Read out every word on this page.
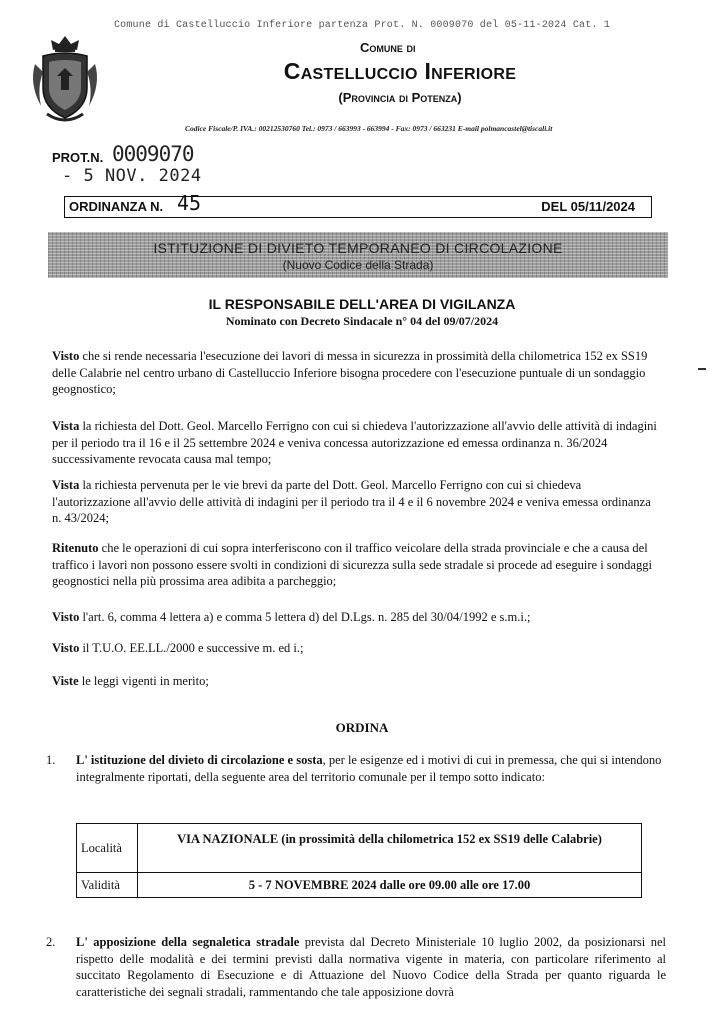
Comune di Castelluccio Inferiore partenza Prot. N. 0009070 del 05-11-2024 Cat. 1
Comune di
Castelluccio Inferiore
(Provincia di Potenza)
Codice Fiscale/P. IVA.: 00212530760 Tel.: 0973 / 663993 - 663994 - Fax: 0973 / 663231 E-mail polmancastel@tiscali.it
PROT.N. 0009070
- 5 NOV. 2024
ORDINANZA N. 45	DEL 05/11/2024
ISTITUZIONE DI DIVIETO TEMPORANEO DI CIRCOLAZIONE
(Nuovo Codice della Strada)
IL RESPONSABILE DELL'AREA DI VIGILANZA
Nominato con Decreto Sindacale n° 04 del 09/07/2024
Visto che si rende necessaria l'esecuzione dei lavori di messa in sicurezza in prossimità della chilometrica 152 ex SS19 delle Calabrie nel centro urbano di Castelluccio Inferiore bisogna procedere con l'esecuzione puntuale di un sondaggio geognostico;
Vista la richiesta del Dott. Geol. Marcello Ferrigno con cui si chiedeva l'autorizzazione all'avvio delle attività di indagini per il periodo tra il 16 e il 25 settembre 2024 e veniva concessa autorizzazione ed emessa ordinanza n. 36/2024 successivamente revocata causa mal tempo;
Vista la richiesta pervenuta per le vie brevi da parte del Dott. Geol. Marcello Ferrigno con cui si chiedeva l'autorizzazione all'avvio delle attività di indagini per il periodo tra il 4 e il 6 novembre 2024 e veniva emessa ordinanza n. 43/2024;
Ritenuto che le operazioni di cui sopra interferiscono con il traffico veicolare della strada provinciale e che a causa del traffico i lavori non possono essere svolti in condizioni di sicurezza sulla sede stradale si procede ad eseguire i sondaggi geognostici nella più prossima area adibita a parcheggio;
Visto l'art. 6, comma 4 lettera a) e comma 5 lettera d) del D.Lgs. n. 285 del 30/04/1992 e s.m.i.;
Visto il T.U.O. EE.LL./2000 e successive m. ed i.;
Viste le leggi vigenti in merito;
ORDINA
1.	L' istituzione del divieto di circolazione e sosta, per le esigenze ed i motivi di cui in premessa, che qui si intendono integralmente riportati, della seguente area del territorio comunale per il tempo sotto indicato:
Località	VIA NAZIONALE (in prossimità della chilometrica 152 ex SS19 delle Calabrie)
Validità	5 - 7 NOVEMBRE 2024 dalle ore 09.00 alle ore 17.00
2.	L' apposizione della segnaletica stradale prevista dal Decreto Ministeriale 10 luglio 2002, da posizionarsi nel rispetto delle modalità e dei termini previsti dalla normativa vigente in materia, con particolare riferimento al succitato Regolamento di Esecuzione e di Attuazione del Nuovo Codice della Strada per quanto riguarda le caratteristiche dei segnali stradali, rammentando che tale apposizione dovrà
